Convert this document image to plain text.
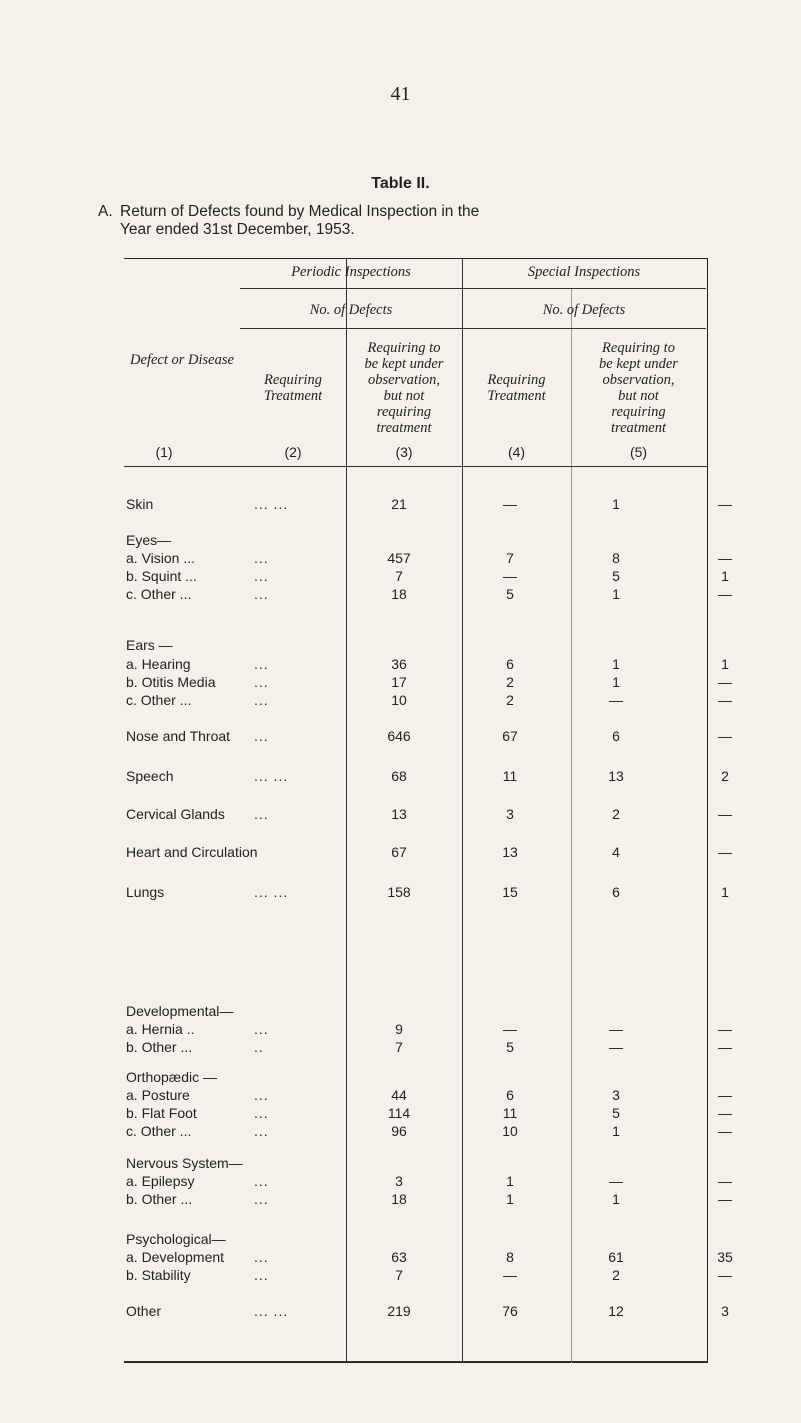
41
Table II.
A. Return of Defects found by Medical Inspection in the
Year ended 31st December, 1953.
Defect or Disease
Periodic Inspections	Special Inspections
No. of Defects	No. of Defects
Requiring
Treatment
Requiring to
be kept under
observation,
but not
requiring
treatment
Requiring
Treatment
Requiring to
be kept under
observation,
but not
requiring
treatment
(1)	(2)	(3)	(4)	(5)
Eyes—
Ears —
Developmental—
Orthopædic —
Nervous System—
Psychological—
Skin	... ...	21	—	1	—
a. Vision ...	...	457	7	8	—
b. Squint ...	...	7	—	5	1
c. Other ...	...	18	5	1	—
a. Hearing	...	36	6	1	1
b. Otitis Media	...	17	2	1	—
c. Other ...	...	10	2	—	—
Nose and Throat ...	646	67	6	—
Speech	... ...	68	11	13	2
Cervical Glands ...	13	3	2	—
Heart and Circulation	67	13	4	—
Lungs	... ...	158	15	6	1
a. Hernia ..	...	9	—	—	—
b. Other ...	..	7	5	—	—
a. Posture	...	44	6	3	—
b. Flat Foot	...	114	11	5	—
c. Other ...	...	96	10	1	—
a. Epilepsy	...	3	1	—	—
b. Other ...	...	18	1	1	—
a. Development ...	63	8	61	35
b. Stability	...	7	—	2	—
Other	... ...	219	76	12	3
